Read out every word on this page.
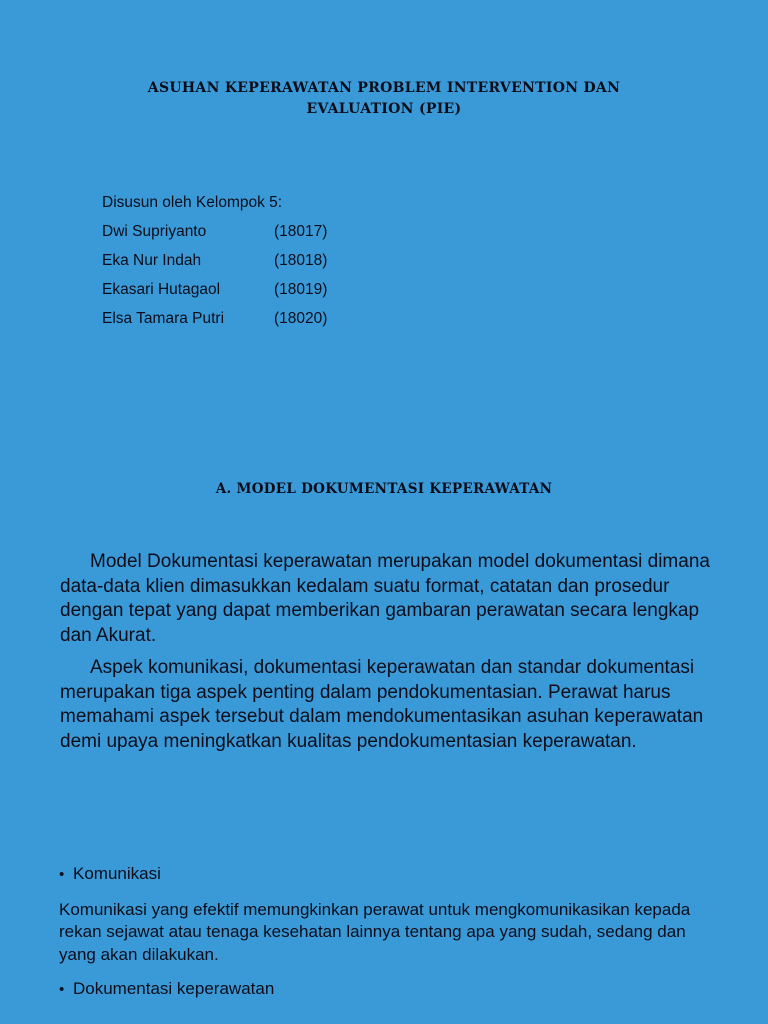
ASUHAN KEPERAWATAN PROBLEM INTERVENTION DAN
EVALUATION (PIE)
Disusun oleh Kelompok 5:
Dwi Supriyanto	(18017)
Eka Nur Indah	(18018)
Ekasari Hutagaol	(18019)
Elsa Tamara Putri	(18020)
A. MODEL DOKUMENTASI KEPERAWATAN

Model Dokumentasi keperawatan merupakan model dokumentasi dimana data-data klien dimasukkan kedalam suatu format, catatan dan prosedur dengan tepat yang dapat memberikan gambaran perawatan secara lengkap dan Akurat.

Aspek komunikasi, dokumentasi keperawatan dan standar dokumentasi merupakan tiga aspek penting dalam pendokumentasian. Perawat harus memahami aspek tersebut dalam mendokumentasikan asuhan keperawatan demi upaya meningkatkan kualitas pendokumentasian keperawatan.

• Komunikasi

Komunikasi yang efektif memungkinkan perawat untuk mengkomunikasikan kepada rekan sejawat atau tenaga kesehatan lainnya tentang apa yang sudah, sedang dan yang akan dilakukan.

• Dokumentasi keperawatan
